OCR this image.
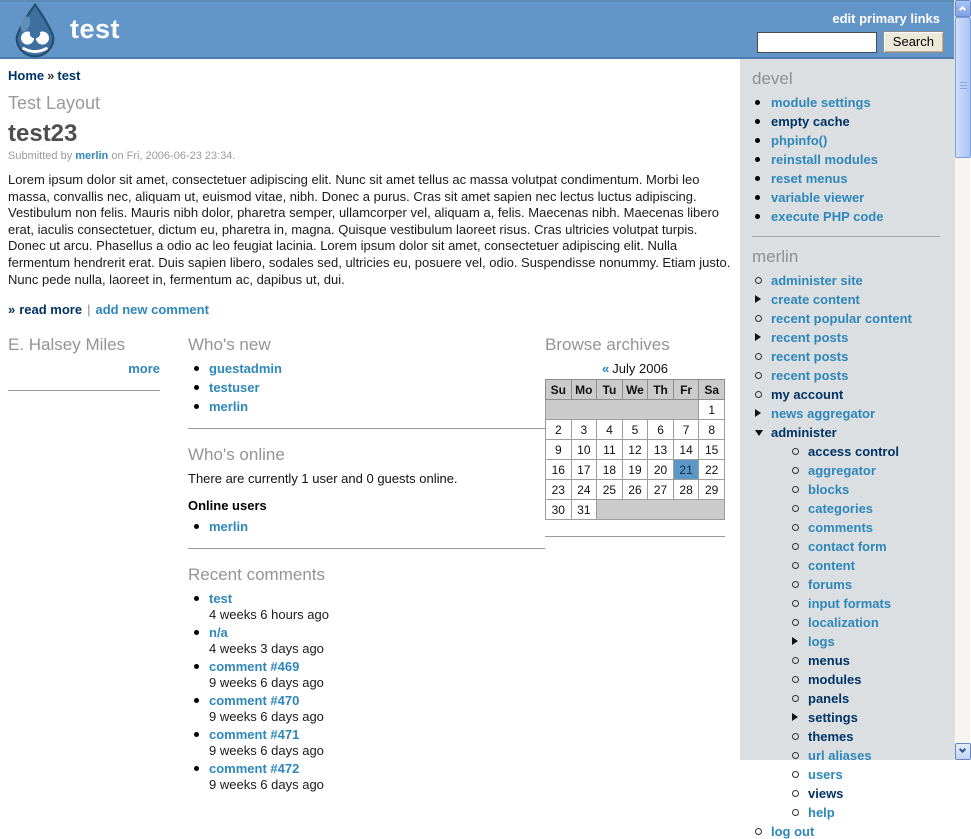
test	edit primary links
Search
Home » test
Test Layout
test23
Submitted by merlin on Fri, 2006-06-23 23:34.

Lorem ipsum dolor sit amet, consectetuer adipiscing elit. Nunc sit amet tellus ac massa volutpat condimentum. Morbi leo massa, convallis nec, aliquam ut, euismod vitae, nibh. Donec a purus. Cras sit amet sapien nec lectus luctus adipiscing. Vestibulum non felis. Mauris nibh dolor, pharetra semper, ullamcorper vel, aliquam a, felis. Maecenas nibh. Maecenas libero erat, iaculis consectetuer, dictum eu, pharetra in, magna. Quisque vestibulum laoreet risus. Cras ultricies volutpat turpis. Donec ut arcu. Phasellus a odio ac leo feugiat lacinia. Lorem ipsum dolor sit amet, consectetuer adipiscing elit. Nulla fermentum hendrerit erat. Duis sapien libero, sodales sed, ultricies eu, posuere vel, odio. Suspendisse nonummy. Etiam justo. Nunc pede nulla, laoreet in, fermentum ac, dapibus ut, dui.

» read more | add new comment
E. Halsey Miles
more
Who's new
guestadmin
testuser
merlin
Who's online
There are currently 1 user and 0 guests online.
Online users
merlin
Recent comments
test
4 weeks 6 hours ago
n/a
4 weeks 3 days ago
comment #469
9 weeks 6 days ago
comment #470
9 weeks 6 days ago
comment #471
9 weeks 6 days ago
comment #472
9 weeks 6 days ago
Browse archives
« July 2006
Su	Mo	Tu	We	Th	Fr	Sa
						1
2	3	4	5	6	7	8
9	10	11	12	13	14	15
16	17	18	19	20	21	22
23	24	25	26	27	28	29
30	31					
devel
module settings
empty cache
phpinfo()
reinstall modules
reset menus
variable viewer
execute PHP code
merlin
administer site
create content
recent popular content
recent posts
recent posts
recent posts
my account
news aggregator
administer
access control
aggregator
blocks
categories
comments
contact form
content
forums
input formats
localization
logs
menus
modules
panels
settings
themes
url aliases
users
views
help
log out
